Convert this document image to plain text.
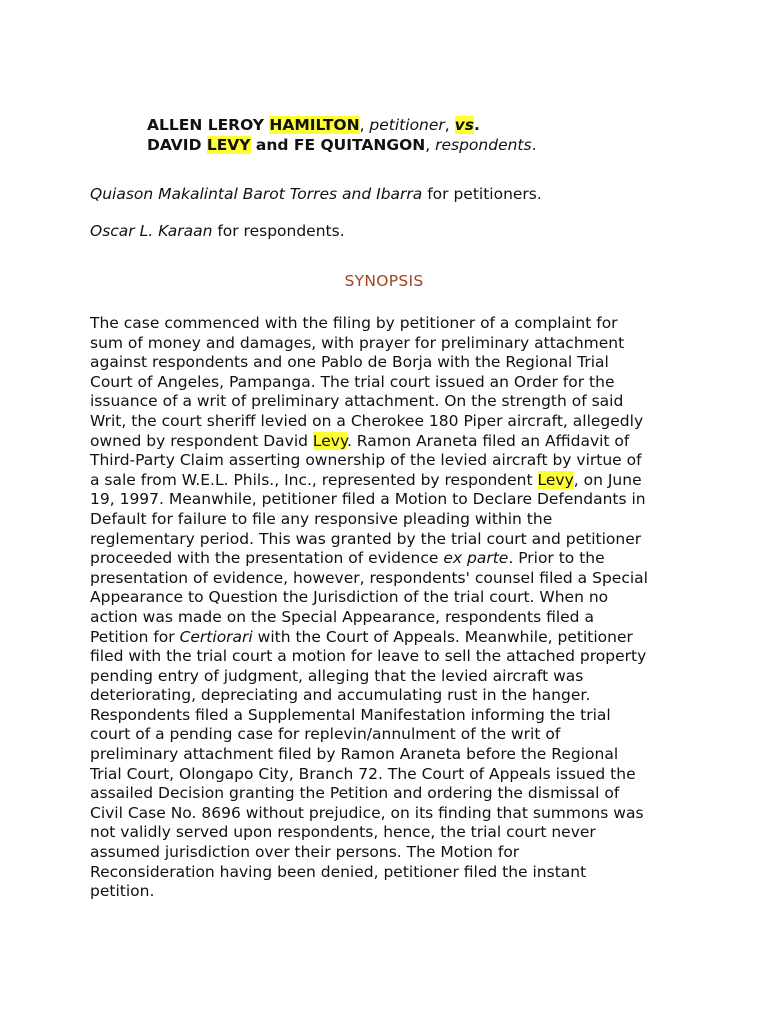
ALLEN LEROY HAMILTON, petitioner, vs.
DAVID LEVY and FE QUITANGON, respondents.
Quiason Makalintal Barot Torres and Ibarra for petitioners.
Oscar L. Karaan for respondents.
SYNOPSIS
The case commenced with the filing by petitioner of a complaint for
sum of money and damages, with prayer for preliminary attachment
against respondents and one Pablo de Borja with the Regional Trial
Court of Angeles, Pampanga. The trial court issued an Order for the
issuance of a writ of preliminary attachment. On the strength of said
Writ, the court sheriff levied on a Cherokee 180 Piper aircraft, allegedly
owned by respondent David Levy. Ramon Araneta filed an Affidavit of
Third-Party Claim asserting ownership of the levied aircraft by virtue of
a sale from W.E.L. Phils., Inc., represented by respondent Levy, on June
19, 1997. Meanwhile, petitioner filed a Motion to Declare Defendants in
Default for failure to file any responsive pleading within the
reglementary period. This was granted by the trial court and petitioner
proceeded with the presentation of evidence ex parte. Prior to the
presentation of evidence, however, respondents' counsel filed a Special
Appearance to Question the Jurisdiction of the trial court. When no
action was made on the Special Appearance, respondents filed a
Petition for Certiorari with the Court of Appeals. Meanwhile, petitioner
filed with the trial court a motion for leave to sell the attached property
pending entry of judgment, alleging that the levied aircraft was
deteriorating, depreciating and accumulating rust in the hanger.
Respondents filed a Supplemental Manifestation informing the trial
court of a pending case for replevin/annulment of the writ of
preliminary attachment filed by Ramon Araneta before the Regional
Trial Court, Olongapo City, Branch 72. The Court of Appeals issued the
assailed Decision granting the Petition and ordering the dismissal of
Civil Case No. 8696 without prejudice, on its finding that summons was
not validly served upon respondents, hence, the trial court never
assumed jurisdiction over their persons. The Motion for
Reconsideration having been denied, petitioner filed the instant
petition.
